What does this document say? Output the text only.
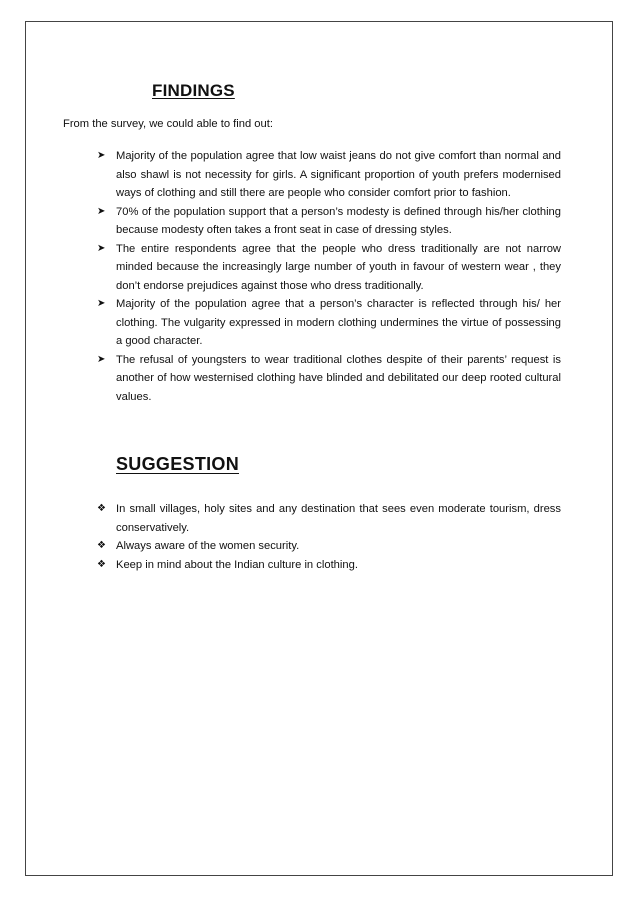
FINDINGS

From the survey, we could able to find out:

➤ Majority of the population agree that low waist jeans do not give comfort than normal and also shawl is not necessity for girls. A significant proportion of youth prefers modernised ways of clothing and still there are people who consider comfort prior to fashion.
➤ 70% of the population support that a person’s modesty is defined through his/her clothing because modesty often takes a front seat in case of dressing styles.
➤ The entire respondents agree that the people who dress traditionally are not narrow minded because the increasingly large number of youth in favour of western wear , they don’t endorse prejudices against those who dress traditionally.
➤ Majority of the population agree that a person’s character is reflected through his/ her clothing. The vulgarity expressed in modern clothing undermines the virtue of possessing a good character.
➤ The refusal of youngsters to wear traditional clothes despite of their parents’ request is another of how westernised clothing have blinded and debilitated our deep rooted cultural values.
SUGGESTION
❖ In small villages, holy sites and any destination that sees even moderate tourism, dress conservatively.
❖ Always aware of the women security.
❖ Keep in mind about the Indian culture in clothing.
